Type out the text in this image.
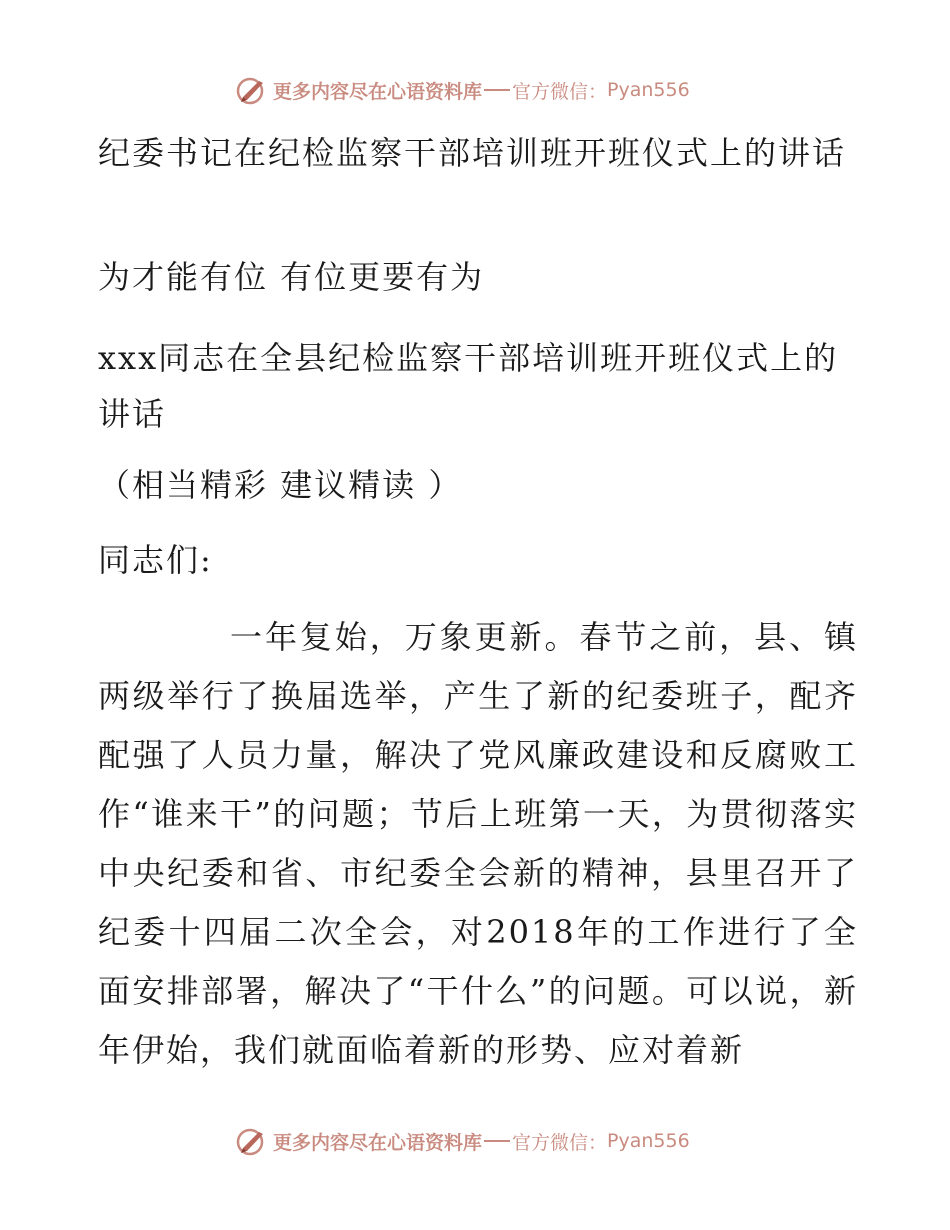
更多内容尽在心语资料库 官方微信： Pyan556

纪委书记在纪检监察干部培训班开班仪式上的讲话

为才能有位 有位更要有为

xxx同志在全县纪检监察干部培训班开班仪式上的讲话

（相当精彩 建议精读 ）

同志们:

一年复始，万象更新。春节之前，县、镇两级举行了换届选举，产生了新的纪委班子，配齐配强了人员力量，解决了党风廉政建设和反腐败工作“谁来干”的问题；节后上班第一天，为贯彻落实中央纪委和省、市纪委全会新的精神，县里召开了纪委十四届二次全会，对2018年的工作进行了全面安排部署，解决了“干什么”的问题。可以说，新年伊始，我们就面临着新的形势、应对着新

更多内容尽在心语资料库 官方微信： Pyan556
